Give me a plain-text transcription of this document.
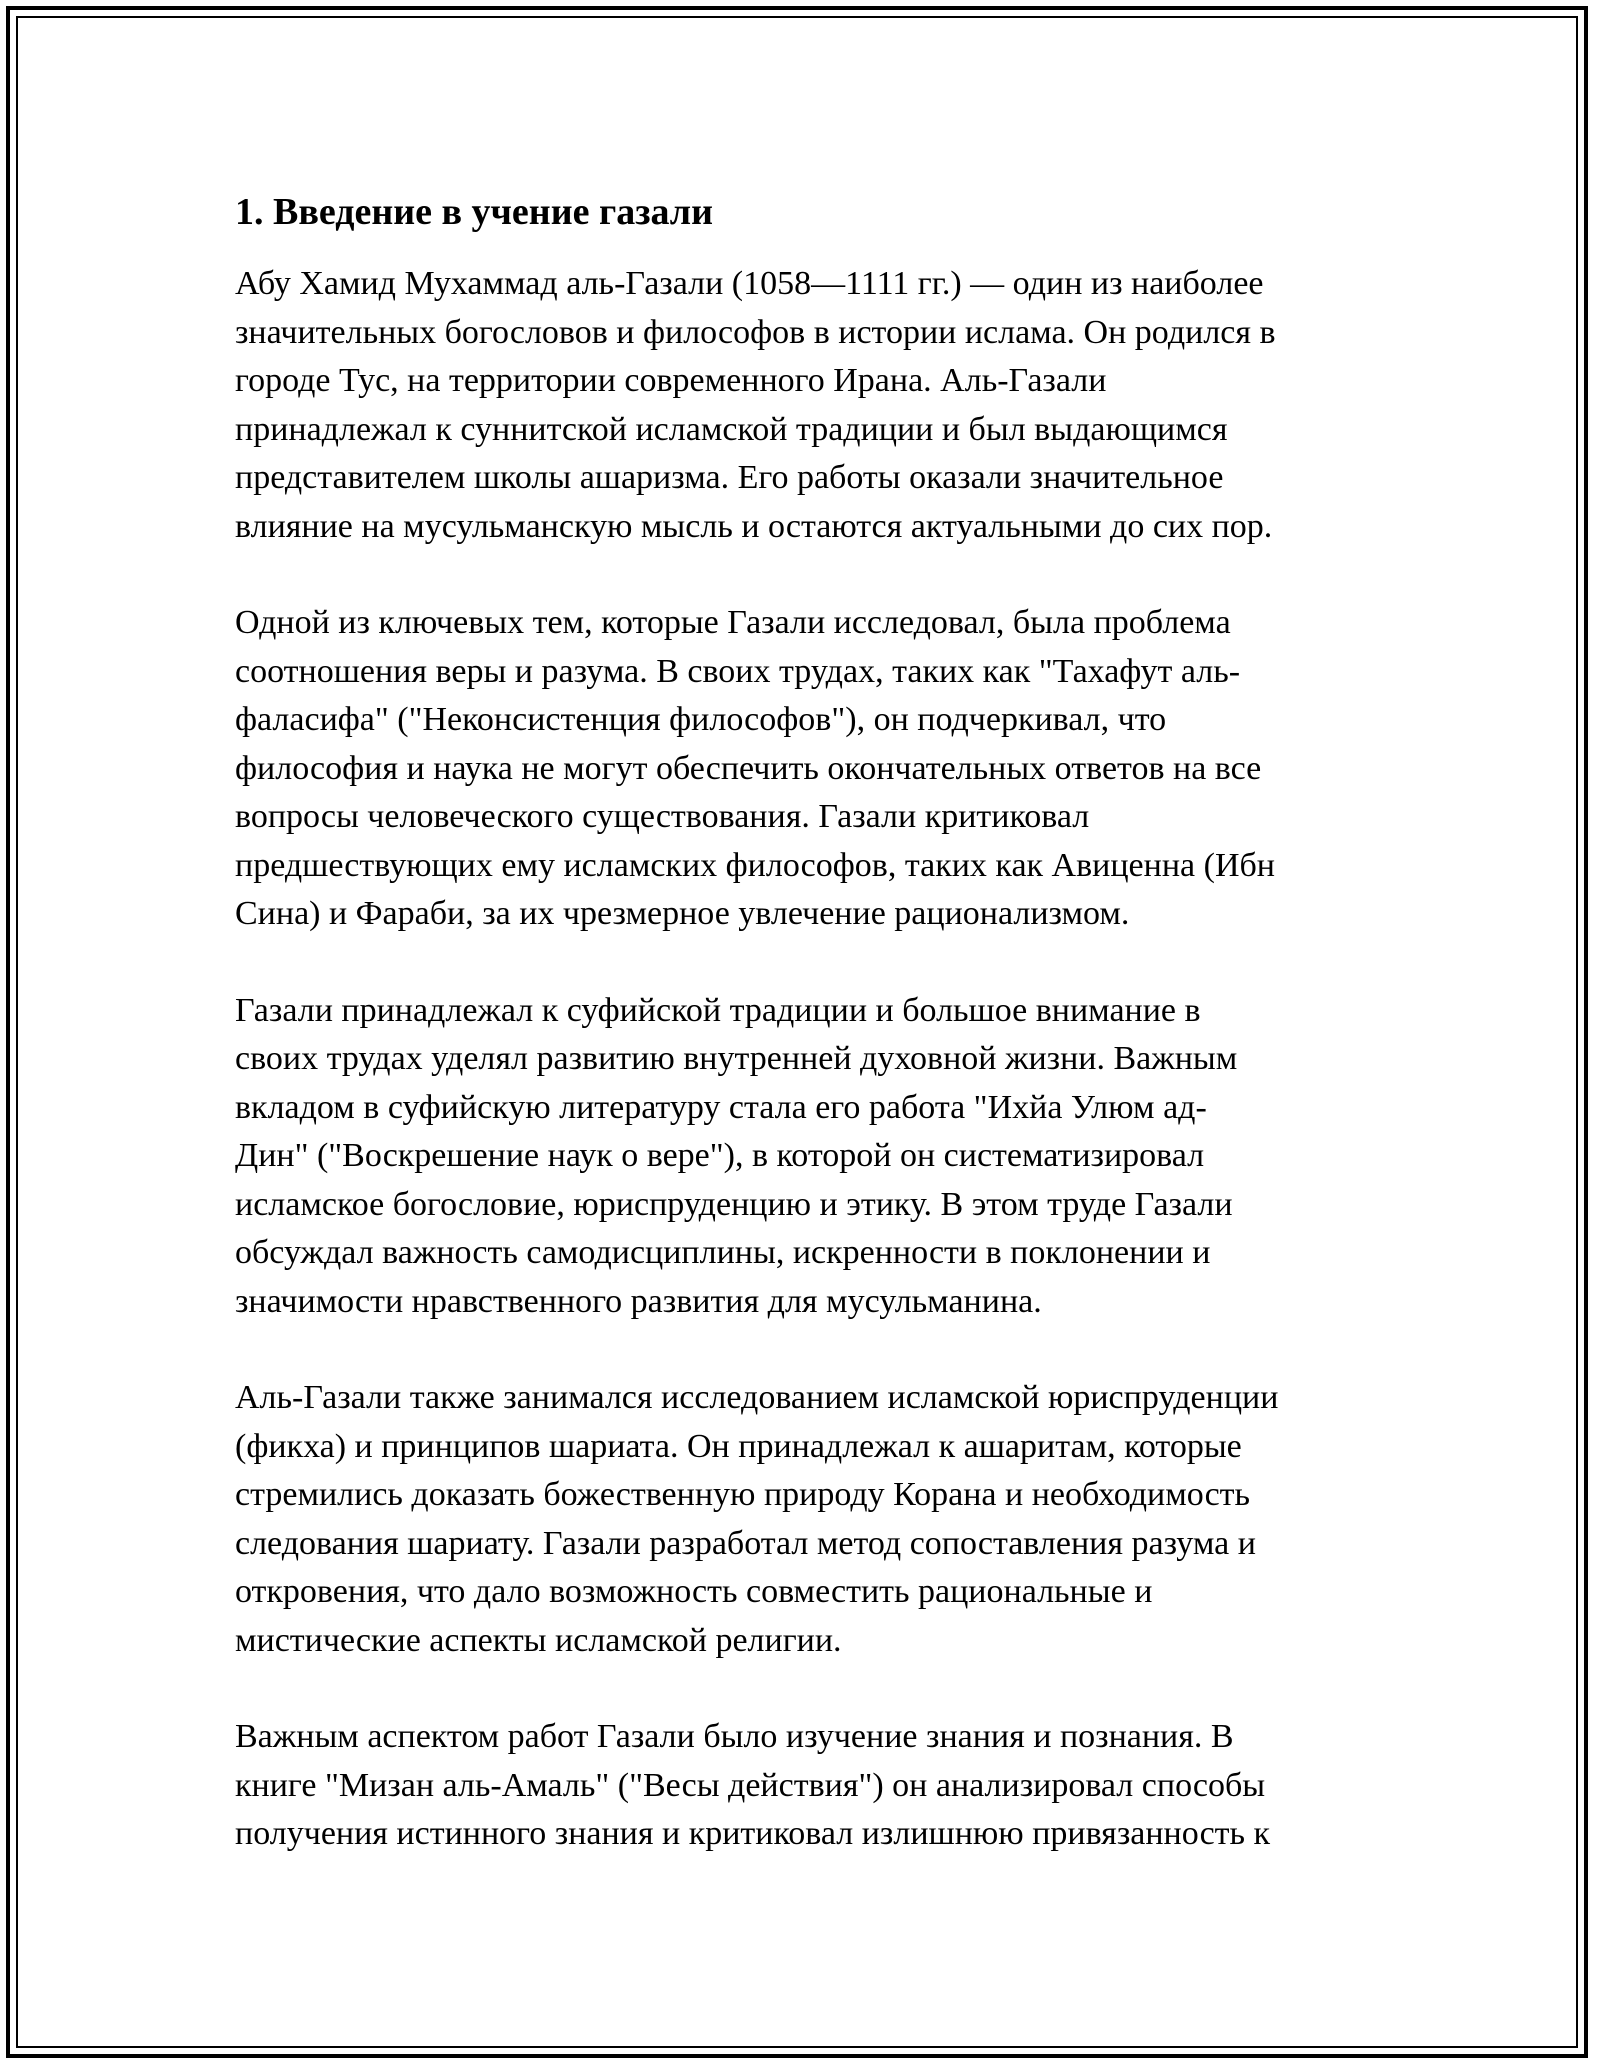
1. Введение в учение газали
Абу Хамид Мухаммад аль-Газали (1058—1111 гг.) — один из наиболее
значительных богословов и философов в истории ислама. Он родился в
городе Тус, на территории современного Ирана. Аль-Газали
принадлежал к суннитской исламской традиции и был выдающимся
представителем школы ашаризма. Его работы оказали значительное
влияние на мусульманскую мысль и остаются актуальными до сих пор.
Одной из ключевых тем, которые Газали исследовал, была проблема
соотношения веры и разума. В своих трудах, таких как "Тахафут аль-
фаласифа" ("Неконсистенция философов"), он подчеркивал, что
философия и наука не могут обеспечить окончательных ответов на все
вопросы человеческого существования. Газали критиковал
предшествующих ему исламских философов, таких как Авиценна (Ибн
Сина) и Фараби, за их чрезмерное увлечение рационализмом.
Газали принадлежал к суфийской традиции и большое внимание в
своих трудах уделял развитию внутренней духовной жизни. Важным
вкладом в суфийскую литературу стала его работа "Ихйа Улюм ад-
Дин" ("Воскрешение наук о вере"), в которой он систематизировал
исламское богословие, юриспруденцию и этику. В этом труде Газали
обсуждал важность самодисциплины, искренности в поклонении и
значимости нравственного развития для мусульманина.
Аль-Газали также занимался исследованием исламской юриспруденции
(фикха) и принципов шариата. Он принадлежал к ашаритам, которые
стремились доказать божественную природу Корана и необходимость
следования шариату. Газали разработал метод сопоставления разума и
откровения, что дало возможность совместить рациональные и
мистические аспекты исламской религии.
Важным аспектом работ Газали было изучение знания и познания. В
книге "Мизан аль-Амаль" ("Весы действия") он анализировал способы
получения истинного знания и критиковал излишнюю привязанность к
